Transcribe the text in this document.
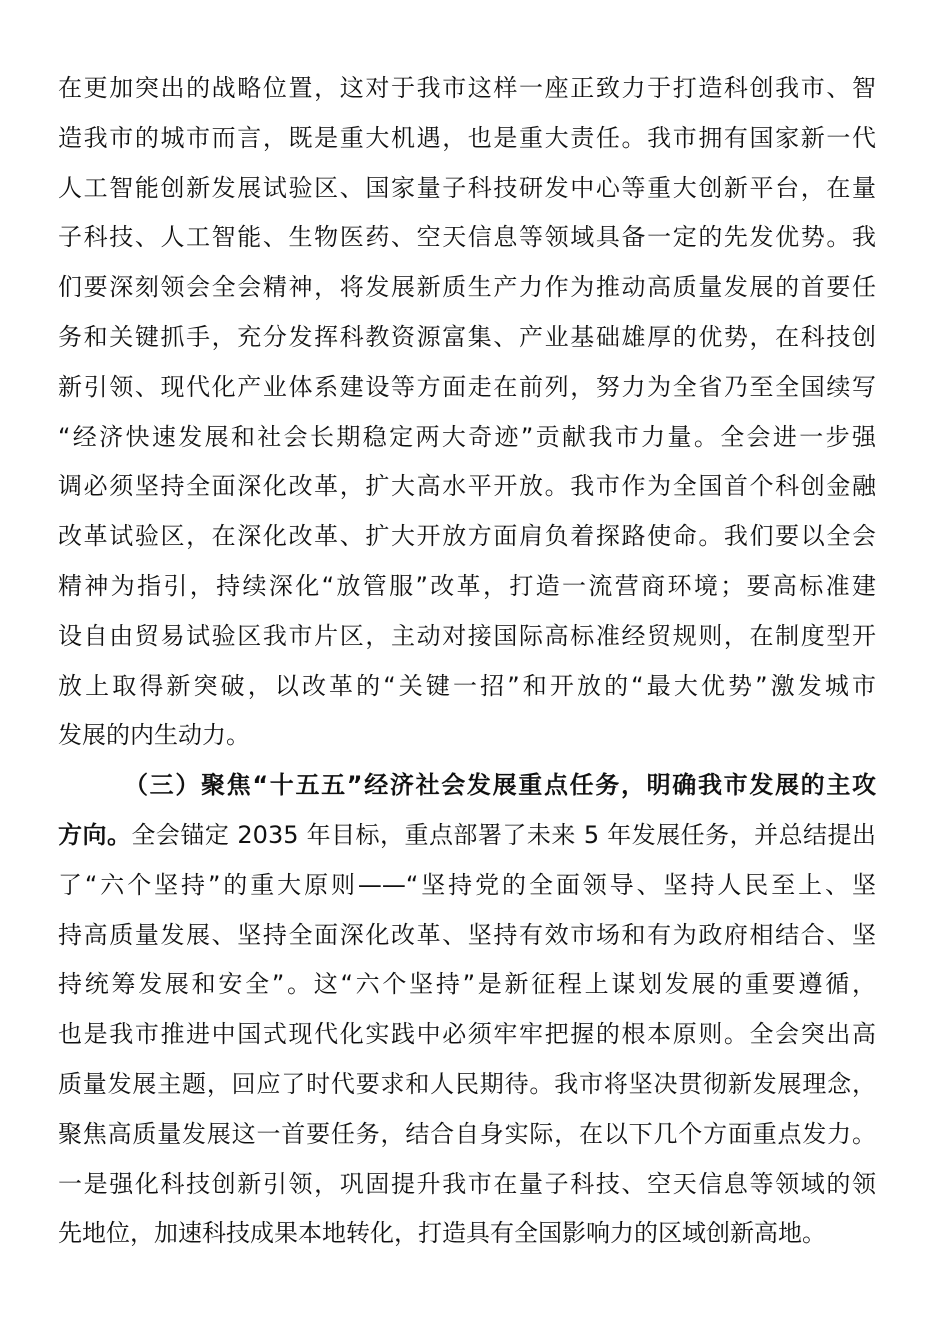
在更加突出的战略位置，这对于我市这样一座正致力于打造科创我市、智
造我市的城市而言，既是重大机遇，也是重大责任。我市拥有国家新一代
人工智能创新发展试验区、国家量子科技研发中心等重大创新平台，在量
子科技、人工智能、生物医药、空天信息等领域具备一定的先发优势。我
们要深刻领会全会精神，将发展新质生产力作为推动高质量发展的首要任
务和关键抓手，充分发挥科教资源富集、产业基础雄厚的优势，在科技创
新引领、现代化产业体系建设等方面走在前列，努力为全省乃至全国续写
“经济快速发展和社会长期稳定两大奇迹”贡献我市力量。全会进一步强
调必须坚持全面深化改革，扩大高水平开放。我市作为全国首个科创金融
改革试验区，在深化改革、扩大开放方面肩负着探路使命。我们要以全会
精神为指引，持续深化“放管服”改革，打造一流营商环境；要高标准建
设自由贸易试验区我市片区，主动对接国际高标准经贸规则，在制度型开
放上取得新突破，以改革的“关键一招”和开放的“最大优势”激发城市
发展的内生动力。
（三）聚焦“十五五”经济社会发展重点任务，明确我市发展的主攻
方向。全会锚定 2035 年目标，重点部署了未来 5 年发展任务，并总结提出
了“六个坚持”的重大原则——“坚持党的全面领导、坚持人民至上、坚
持高质量发展、坚持全面深化改革、坚持有效市场和有为政府相结合、坚
持统筹发展和安全”。这“六个坚持”是新征程上谋划发展的重要遵循，
也是我市推进中国式现代化实践中必须牢牢把握的根本原则。全会突出高
质量发展主题，回应了时代要求和人民期待。我市将坚决贯彻新发展理念，
聚焦高质量发展这一首要任务，结合自身实际，在以下几个方面重点发力。
一是强化科技创新引领，巩固提升我市在量子科技、空天信息等领域的领
先地位，加速科技成果本地转化，打造具有全国影响力的区域创新高地。
